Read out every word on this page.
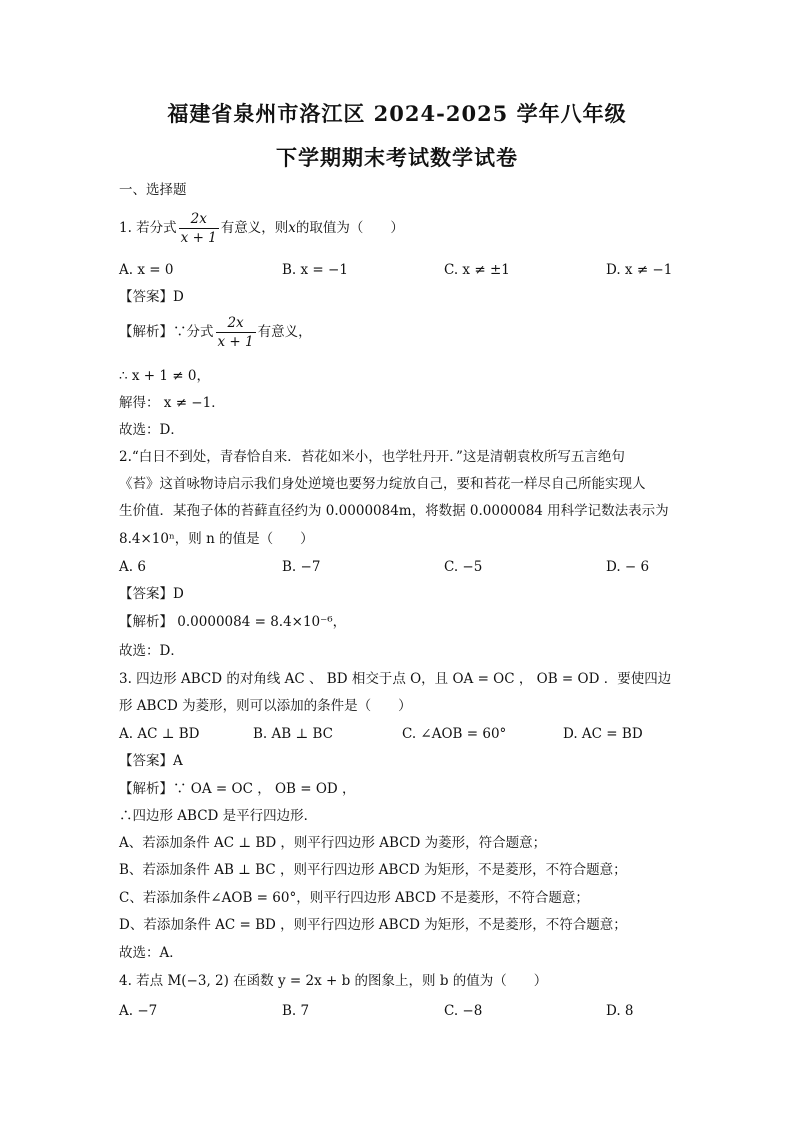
福建省泉州市洛江区 2024-2025 学年八年级
下学期期末考试数学试卷
一、选择题
1. 若分式 $\frac{2x}{x + 1}$ 有意义，则x的取值为（　　）
A. x = 0	B. x = −1	C. x ≠ ±1	D. x ≠ −1
【答案】D
【解析】∵分式 $\frac{2x}{x + 1}$ 有意义，
∴ x + 1 ≠ 0，
解得： x ≠ −1．
故选：D．
2.“白日不到处，青春恰自来．苔花如米小，也学牡丹开．”这是清朝袁枚所写五言绝句
《苔》这首咏物诗启示我们身处逆境也要努力绽放自己，要和苔花一样尽自己所能实现人
生价值．某孢子体的苔藓直径约为 0.0000084m，将数据 0.0000084 用科学记数法表示为
8.4×10ⁿ，则 n 的值是（　　）
A. 6	B. −7	C. −5	D. − 6
【答案】D
【解析】 0.0000084 = 8.4×10⁻⁶，
故选：D．
3. 四边形 ABCD 的对角线 AC 、 BD 相交于点 O，且 OA = OC ， OB = OD ．要使四边
形 ABCD 为菱形，则可以添加的条件是（　　）
A. AC ⊥ BD	B. AB ⊥ BC	C. ∠AOB = 60°	D. AC = BD
【答案】A
【解析】∵ OA = OC ， OB = OD ，
∴四边形 ABCD 是平行四边形．
A、若添加条件 AC ⊥ BD ，则平行四边形 ABCD 为菱形，符合题意；
B、若添加条件 AB ⊥ BC ，则平行四边形 ABCD 为矩形，不是菱形，不符合题意；
C、若添加条件∠AOB = 60°，则平行四边形 ABCD 不是菱形，不符合题意；
D、若添加条件 AC = BD ，则平行四边形 ABCD 为矩形，不是菱形，不符合题意；
故选：A．
4. 若点 M(−3, 2) 在函数 y = 2x + b 的图象上，则 b 的值为（　　）
A. −7	B. 7	C. −8	D. 8
